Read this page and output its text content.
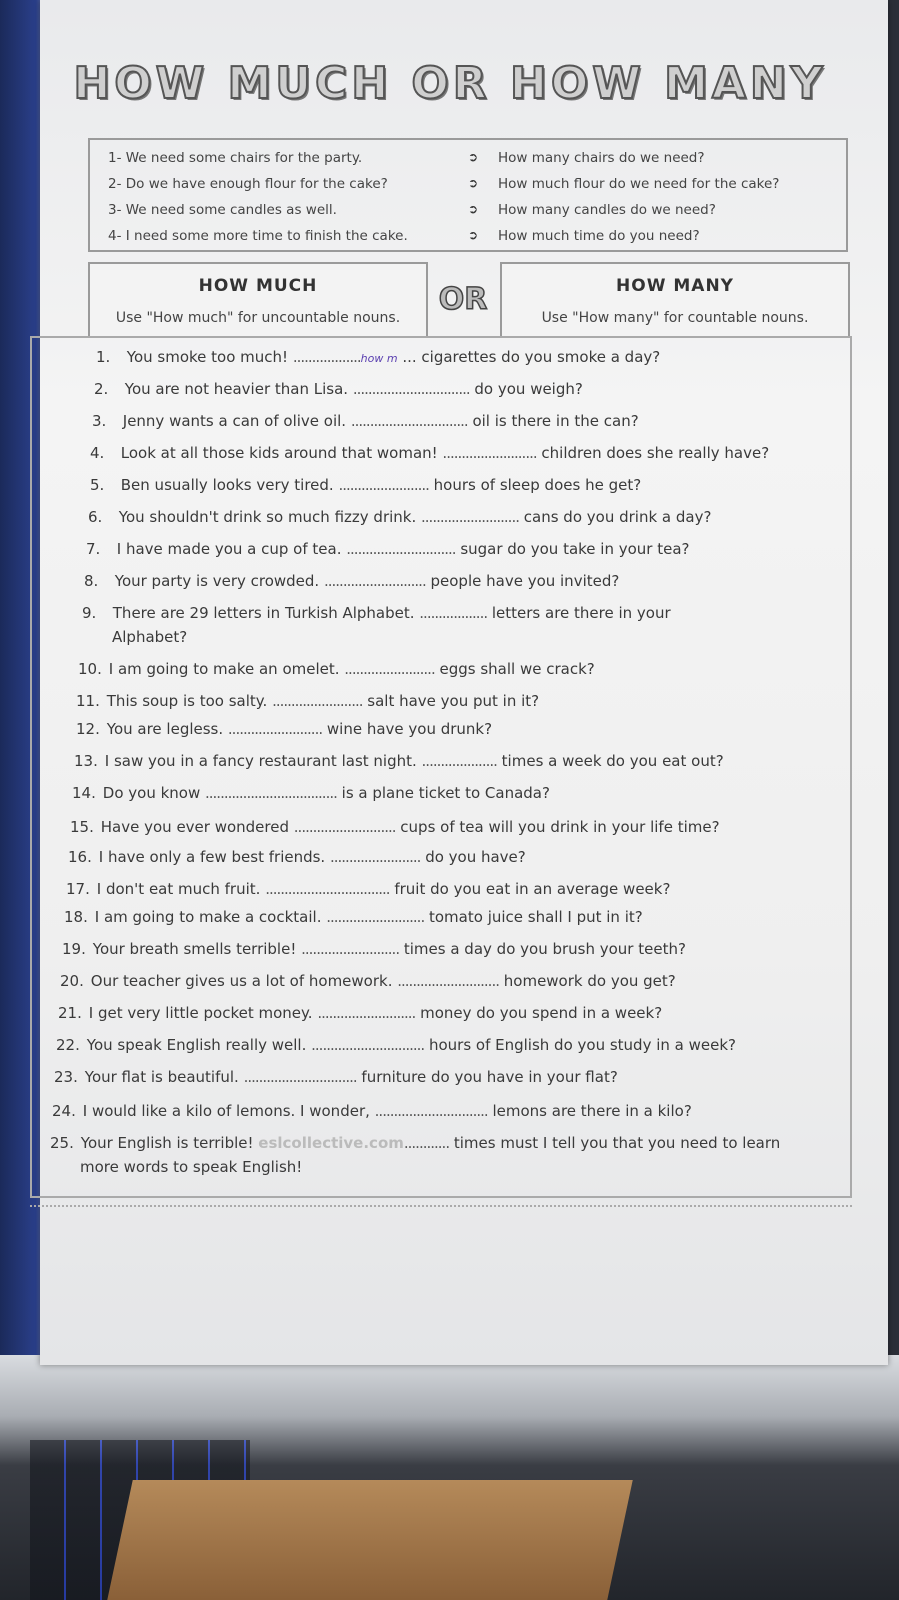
HOW MUCH OR HOW MANY
1- We need some chairs for the party.	➲ How many chairs do we need?
2- Do we have enough flour for the cake?	➲ How much flour do we need for the cake?
3- We need some candles as well.	➲ How many candles do we need?
4- I need some more time to finish the cake.	➲ How much time do you need?
HOW MUCH
Use "How much" for uncountable nouns.
OR	HOW MANY
Use "How many" for countable nouns.
1. You smoke too much! ..................how m ... cigarettes do you smoke a day?
2. You are not heavier than Lisa. ............................... do you weigh?
3. Jenny wants a can of olive oil. ............................... oil is there in the can?
4. Look at all those kids around that woman! ......................... children does she really have?
5. Ben usually looks very tired. ........................ hours of sleep does he get?
6. You shouldn't drink so much fizzy drink. .......................... cans do you drink a day?
7. I have made you a cup of tea. ............................. sugar do you take in your tea?
8. Your party is very crowded. ........................... people have you invited?
9. There are 29 letters in Turkish Alphabet. .................. letters are there in your
Alphabet?
10. I am going to make an omelet. ........................ eggs shall we crack?
11. This soup is too salty. ........................ salt have you put in it?
12. You are legless. ......................... wine have you drunk?
13. I saw you in a fancy restaurant last night. .................... times a week do you eat out?
14. Do you know ................................... is a plane ticket to Canada?
15. Have you ever wondered ........................... cups of tea will you drink in your life time?
16. I have only a few best friends. ........................ do you have?
17. I don't eat much fruit. ................................. fruit do you eat in an average week?
18. I am going to make a cocktail. .......................... tomato juice shall I put in it?
19. Your breath smells terrible! .......................... times a day do you brush your teeth?
20. Our teacher gives us a lot of homework. ........................... homework do you get?
21. I get very little pocket money. .......................... money do you spend in a week?
22. You speak English really well. .............................. hours of English do you study in a week?
23. Your flat is beautiful. .............................. furniture do you have in your flat?
24. I would like a kilo of lemons. I wonder, .............................. lemons are there in a kilo?
25. Your English is terrible! eslcollective.com............ times must I tell you that you need to learn
more words to speak English!
